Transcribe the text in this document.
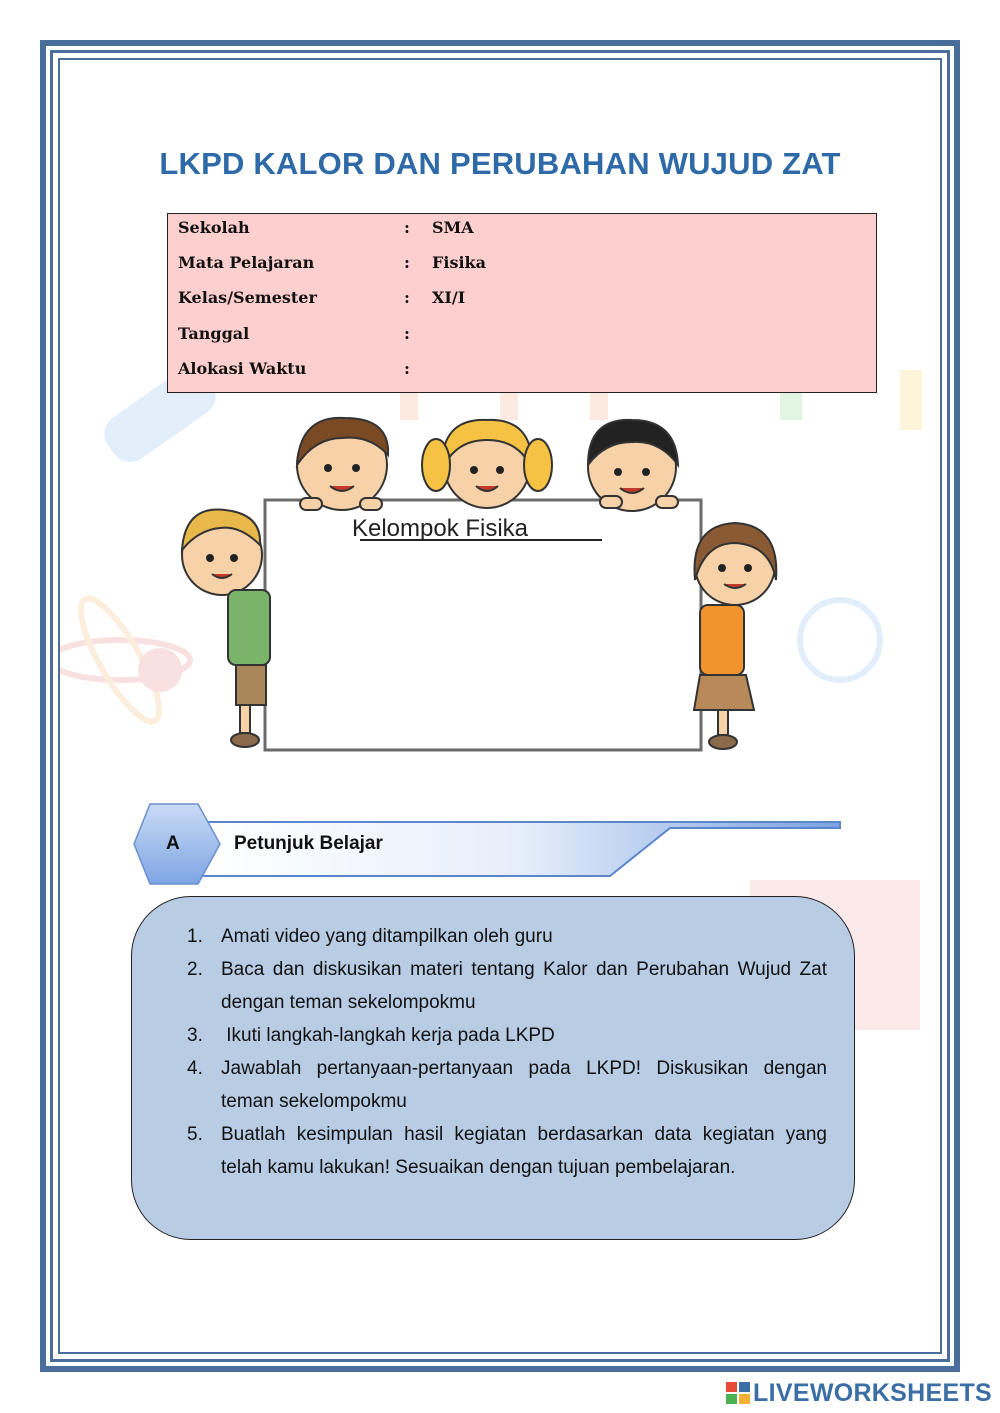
LKPD KALOR DAN PERUBAHAN WUJUD ZAT
Sekolah	: SMA
Mata Pelajaran	: Fisika
Kelas/Semester	: XI/I
Tanggal	:
Alokasi Waktu	:
Kelompok Fisika
A	Petunjuk Belajar
1. Amati video yang ditampilkan oleh guru
2. Baca dan diskusikan materi tentang Kalor dan Perubahan Wujud Zat dengan teman sekelompokmu
3. Ikuti langkah-langkah kerja pada LKPD
4. Jawablah pertanyaan-pertanyaan pada LKPD! Diskusikan dengan teman sekelompokmu
5. Buatlah kesimpulan hasil kegiatan berdasarkan data kegiatan yang telah kamu lakukan! Sesuaikan dengan tujuan pembelajaran.
LIVEWORKSHEETS
